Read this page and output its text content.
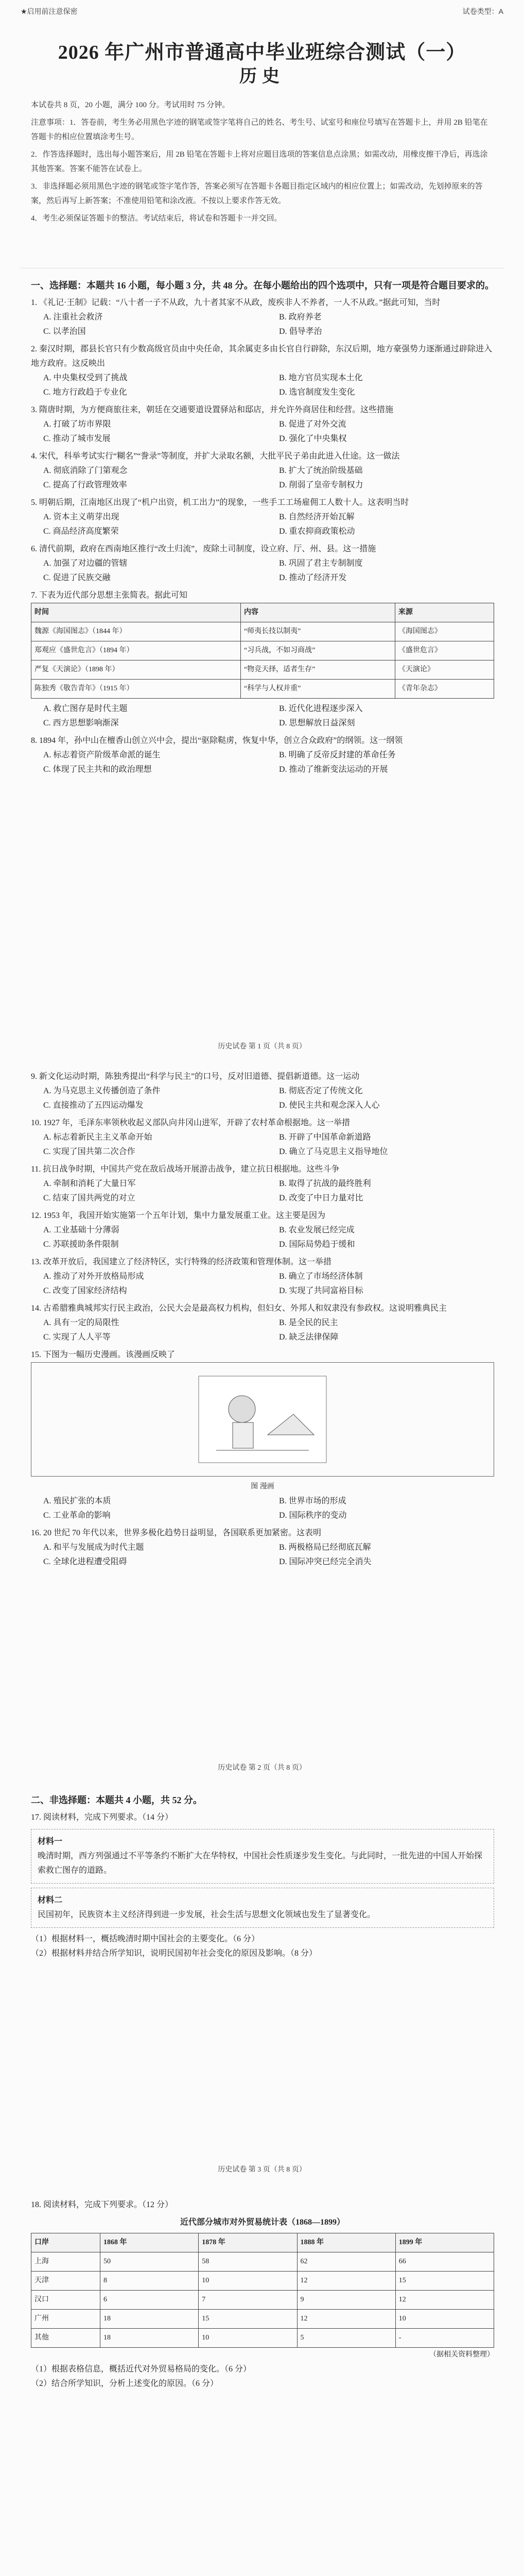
★启用前注意保密	试卷类型：A
2026 年广州市普通高中毕业班综合测试（一）
历史
本试卷共 8 页，20 小题，满分 100 分。考试用时 75 分钟。
注意事项：1．答卷前，考生务必用黑色字迹的钢笔或签字笔将自己的姓名、考生号、试室号和座位号填写在答题卡上，并用 2B 铅笔在答题卡的相应位置填涂考生号。
2．作答选择题时，选出每小题答案后，用 2B 铅笔在答题卡上将对应题目选项的答案信息点涂黑；如需改动，用橡皮擦干净后，再选涂其他答案。答案不能答在试卷上。
3．非选择题必须用黑色字迹的钢笔或签字笔作答，答案必须写在答题卡各题目指定区域内的相应位置上；如需改动，先划掉原来的答案，然后再写上新答案；不准使用铅笔和涂改液。不按以上要求作答无效。
4．考生必须保证答题卡的整洁。考试结束后，将试卷和答题卡一并交回。
一、选择题：本题共 16 小题，每小题 3 分，共 48 分。在每小题给出的四个选项中，只有一项是符合题目要求的。
1. 《礼记·王制》记载：“八十者一子不从政，九十者其家不从政，废疾非人不养者，一人不从政。”据此可知，当时
A. 注重社会救济	B. 政府养老
C. 以孝治国	D. 倡导孝治
2. 秦汉时期，郡县长官只有少数高级官员由中央任命，其余属吏多由长官自行辟除，东汉后期，地方豪强势力逐渐通过辟除进入地方政府。这反映出
A. 中央集权受到了挑战	B. 地方官员实现本土化
C. 地方行政趋于专业化	D. 选官制度发生变化
3. 隋唐时期，为方便商旅往来，朝廷在交通要道设置驿站和邸店，并允许外商居住和经营。这些措施
A. 打破了坊市界限	B. 促进了对外交流
C. 推动了城市发展	D. 强化了中央集权
4. 宋代，科举考试实行“糊名”“誊录”等制度，并扩大录取名额，大批平民子弟由此进入仕途。这一做法
A. 彻底消除了门第观念	B. 扩大了统治阶级基础
C. 提高了行政管理效率	D. 削弱了皇帝专制权力
5. 明朝后期，江南地区出现了“机户出资，机工出力”的现象，一些手工工场雇佣工人数十人。这表明当时
A. 资本主义萌芽出现	B. 自然经济开始瓦解
C. 商品经济高度繁荣	D. 重农抑商政策松动
6. 清代前期，政府在西南地区推行“改土归流”，废除土司制度，设立府、厅、州、县。这一措施
A. 加强了对边疆的管辖	B. 巩固了君主专制制度
C. 促进了民族交融	D. 推动了经济开发
7. 下表为近代部分思想主张简表。据此可知
时间	内容	来源
魏源《海国图志》（1844 年）	“师夷长技以制夷”	《海国图志》
郑观应《盛世危言》（1894 年）	“习兵战，不如习商战”	《盛世危言》
严复《天演论》（1898 年）	“物竞天择，适者生存”	《天演论》
陈独秀《敬告青年》（1915 年）	“科学与人权并重”	《青年杂志》
A. 救亡图存是时代主题	B. 近代化进程逐步深入
C. 西方思想影响渐深	D. 思想解放日益深刻
8. 1894 年，孙中山在檀香山创立兴中会，提出“驱除鞑虏，恢复中华，创立合众政府”的纲领。这一纲领
A. 标志着资产阶级革命派的诞生	B. 明确了反帝反封建的革命任务
C. 体现了民主共和的政治理想	D. 推动了维新变法运动的开展
历史试卷 第 1 页（共 8 页）
9. 新文化运动时期，陈独秀提出“科学与民主”的口号，反对旧道德、提倡新道德。这一运动
A. 为马克思主义传播创造了条件	B. 彻底否定了传统文化
C. 直接推动了五四运动爆发	D. 使民主共和观念深入人心
10. 1927 年，毛泽东率领秋收起义部队向井冈山进军，开辟了农村革命根据地。这一举措
A. 标志着新民主主义革命开始	B. 开辟了中国革命新道路
C. 实现了国共第二次合作	D. 确立了马克思主义指导地位
11. 抗日战争时期，中国共产党在敌后战场开展游击战争，建立抗日根据地。这些斗争
A. 牵制和消耗了大量日军	B. 取得了抗战的最终胜利
C. 结束了国共两党的对立	D. 改变了中日力量对比
12. 1953 年，我国开始实施第一个五年计划，集中力量发展重工业。这主要是因为
A. 工业基础十分薄弱	B. 农业发展已经完成
C. 苏联援助条件限制	D. 国际局势趋于缓和
13. 改革开放后，我国建立了经济特区，实行特殊的经济政策和管理体制。这一举措
A. 推动了对外开放格局形成	B. 确立了市场经济体制
C. 改变了国家经济结构	D. 实现了共同富裕目标
14. 古希腊雅典城邦实行民主政治，公民大会是最高权力机构，但妇女、外邦人和奴隶没有参政权。这说明雅典民主
A. 具有一定的局限性	B. 是全民的民主
C. 实现了人人平等	D. 缺乏法律保障
15. 下图为一幅历史漫画。该漫画反映了
图 漫画
A. 殖民扩张的本质	B. 世界市场的形成
C. 工业革命的影响	D. 国际秩序的变动
16. 20 世纪 70 年代以来，世界多极化趋势日益明显，各国联系更加紧密。这表明
A. 和平与发展成为时代主题	B. 两极格局已经彻底瓦解
C. 全球化进程遭受阻碍	D. 国际冲突已经完全消失
历史试卷 第 2 页（共 8 页）
二、非选择题：本题共 4 小题，共 52 分。
17. 阅读材料，完成下列要求。（14 分）
材料一
晚清时期，西方列强通过不平等条约不断扩大在华特权，中国社会性质逐步发生变化。与此同时，一批先进的中国人开始探索救亡图存的道路。
材料二
民国初年，民族资本主义经济得到进一步发展，社会生活与思想文化领域也发生了显著变化。
（1）根据材料一，概括晚清时期中国社会的主要变化。（6 分）
（2）根据材料并结合所学知识，说明民国初年社会变化的原因及影响。（8 分）
历史试卷 第 3 页（共 8 页）
18. 阅读材料，完成下列要求。（12 分）
近代部分城市对外贸易统计表（1868—1899）
口岸	1868 年	1878 年	1888 年	1899 年
上海	50	58	62	66
天津	8	10	12	15
汉口	6	7	9	12
广州	18	15	12	10
其他	18	10	5	-
（据相关资料整理）
（1）根据表格信息，概括近代对外贸易格局的变化。（6 分）
（2）结合所学知识，分析上述变化的原因。（6 分）
